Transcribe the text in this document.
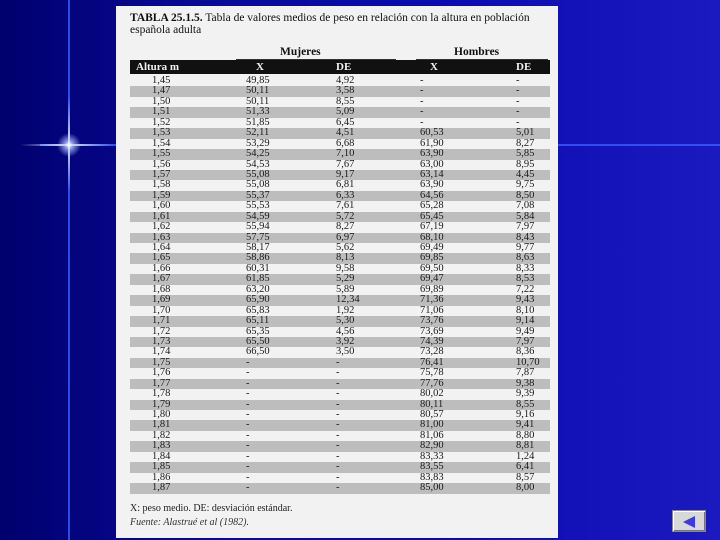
TABLA 25.1.5. Tabla de valores medios de peso en relación con la altura en población española adulta
Mujeres	Hombres
Altura m	X	DE	X	DE
1,45	49,85	4,92	-	-
1,47	50,11	3,58	-	-
1,50	50,11	8,55	-	-
1,51	51,33	5,09	-	-
1,52	51,85	6,45	-	-
1,53	52,11	4,51	60,53	5,01
1,54	53,29	6,68	61,90	8,27
1,55	54,25	7,10	63,90	5,85
1,56	54,53	7,67	63,00	8,95
1,57	55,08	9,17	63,14	4,45
1,58	55,08	6,81	63,90	9,75
1,59	55,37	6,33	64,56	8,50
1,60	55,53	7,61	65,28	7,08
1,61	54,59	5,72	65,45	5,84
1,62	55,94	8,27	67,19	7,97
1,63	57,75	6,97	68,10	8,43
1,64	58,17	5,62	69,49	9,77
1,65	58,86	8,13	69,85	8,63
1,66	60,31	9,58	69,50	8,33
1,67	61,85	5,29	69,47	8,53
1,68	63,20	5,89	69,89	7,22
1,69	65,90	12,34	71,36	9,43
1,70	65,83	1,92	71,06	8,10
1,71	65,11	5,30	73,76	9,14
1,72	65,35	4,56	73,69	9,49
1,73	65,50	3,92	74,39	7,97
1,74	66,50	3,50	73,28	8,36
1,75	-	-	76,41	10,70
1,76	-	-	75,78	7,87
1,77	-	-	77,76	9,38
1,78	-	-	80,02	9,39
1,79	-	-	80,11	8,55
1,80	-	-	80,57	9,16
1,81	-	-	81,00	9,41
1,82	-	-	81,06	8,80
1,83	-	-	82,90	8,81
1,84	-	-	83,33	1,24
1,85	-	-	83,55	6,41
1,86	-	-	83,83	8,57
1,87	-	-	85,00	8,00
X: peso medio. DE: desviación estándar.
Fuente: Alastrué et al (1982).
